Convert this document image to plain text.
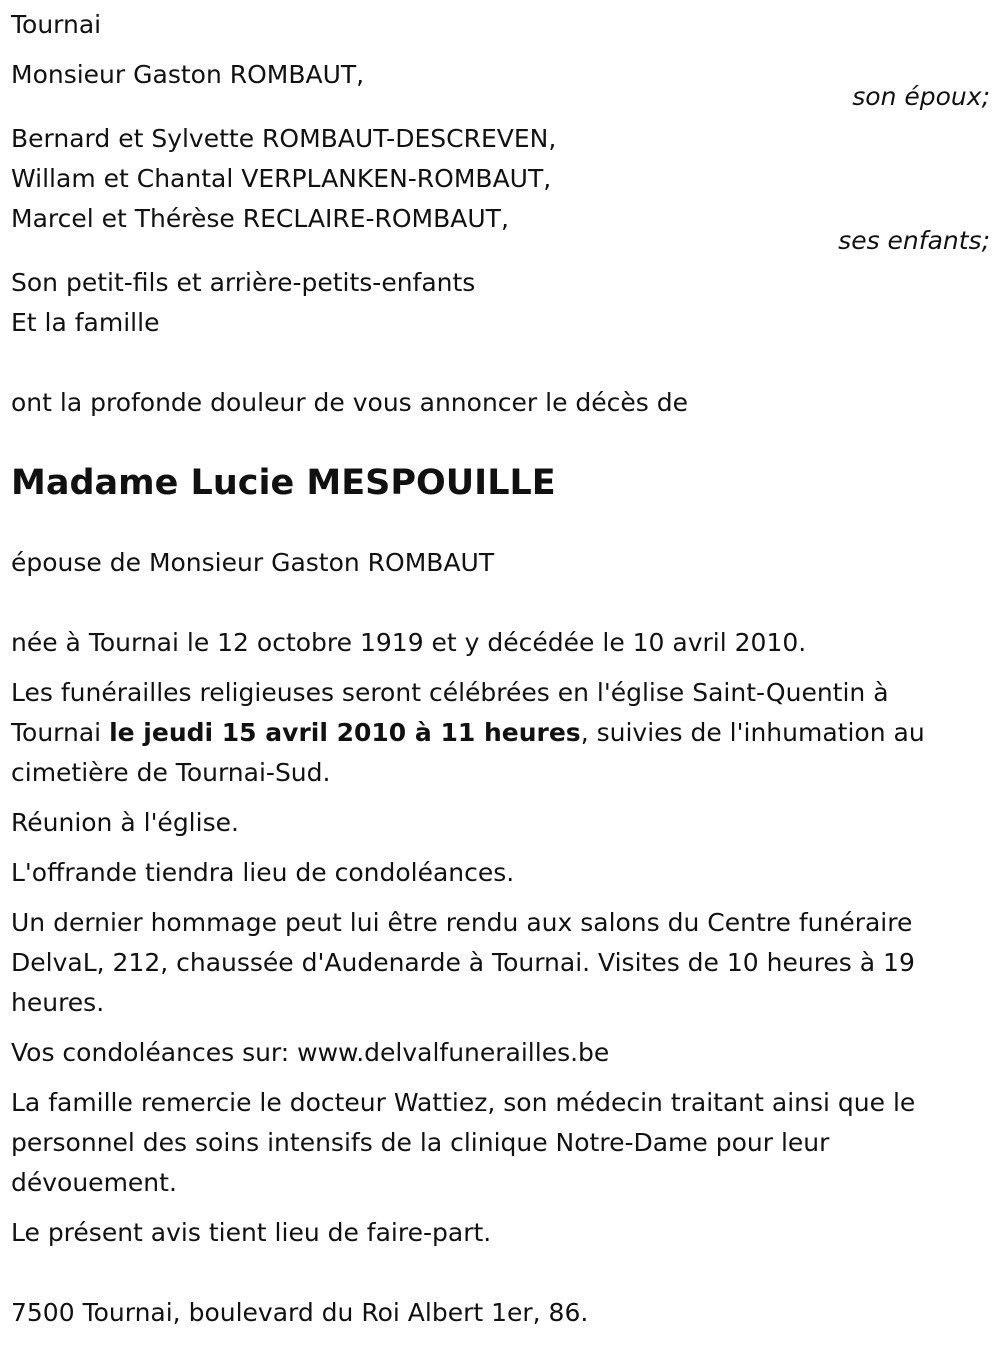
Tournai
Monsieur Gaston ROMBAUT,
son époux;
Bernard et Sylvette ROMBAUT-DESCREVEN,
Willam et Chantal VERPLANKEN-ROMBAUT,
Marcel et Thérèse RECLAIRE-ROMBAUT,
ses enfants;
Son petit-fils et arrière-petits-enfants
Et la famille
ont la profonde douleur de vous annoncer le décès de
Madame Lucie MESPOUILLE
épouse de Monsieur Gaston ROMBAUT
née à Tournai le 12 octobre 1919 et y décédée le 10 avril 2010.
Les funérailles religieuses seront célébrées en l'église Saint-Quentin à Tournai le jeudi 15 avril 2010 à 11 heures, suivies de l'inhumation au cimetière de Tournai-Sud.
Réunion à l'église.
L'offrande tiendra lieu de condoléances.
Un dernier hommage peut lui être rendu aux salons du Centre funéraire DelvaL, 212, chaussée d'Audenarde à Tournai. Visites de 10 heures à 19 heures.
Vos condoléances sur: www.delvalfunerailles.be
La famille remercie le docteur Wattiez, son médecin traitant ainsi que le personnel des soins intensifs de la clinique Notre-Dame pour leur dévouement.
Le présent avis tient lieu de faire-part.
7500 Tournai, boulevard du Roi Albert 1er, 86.
